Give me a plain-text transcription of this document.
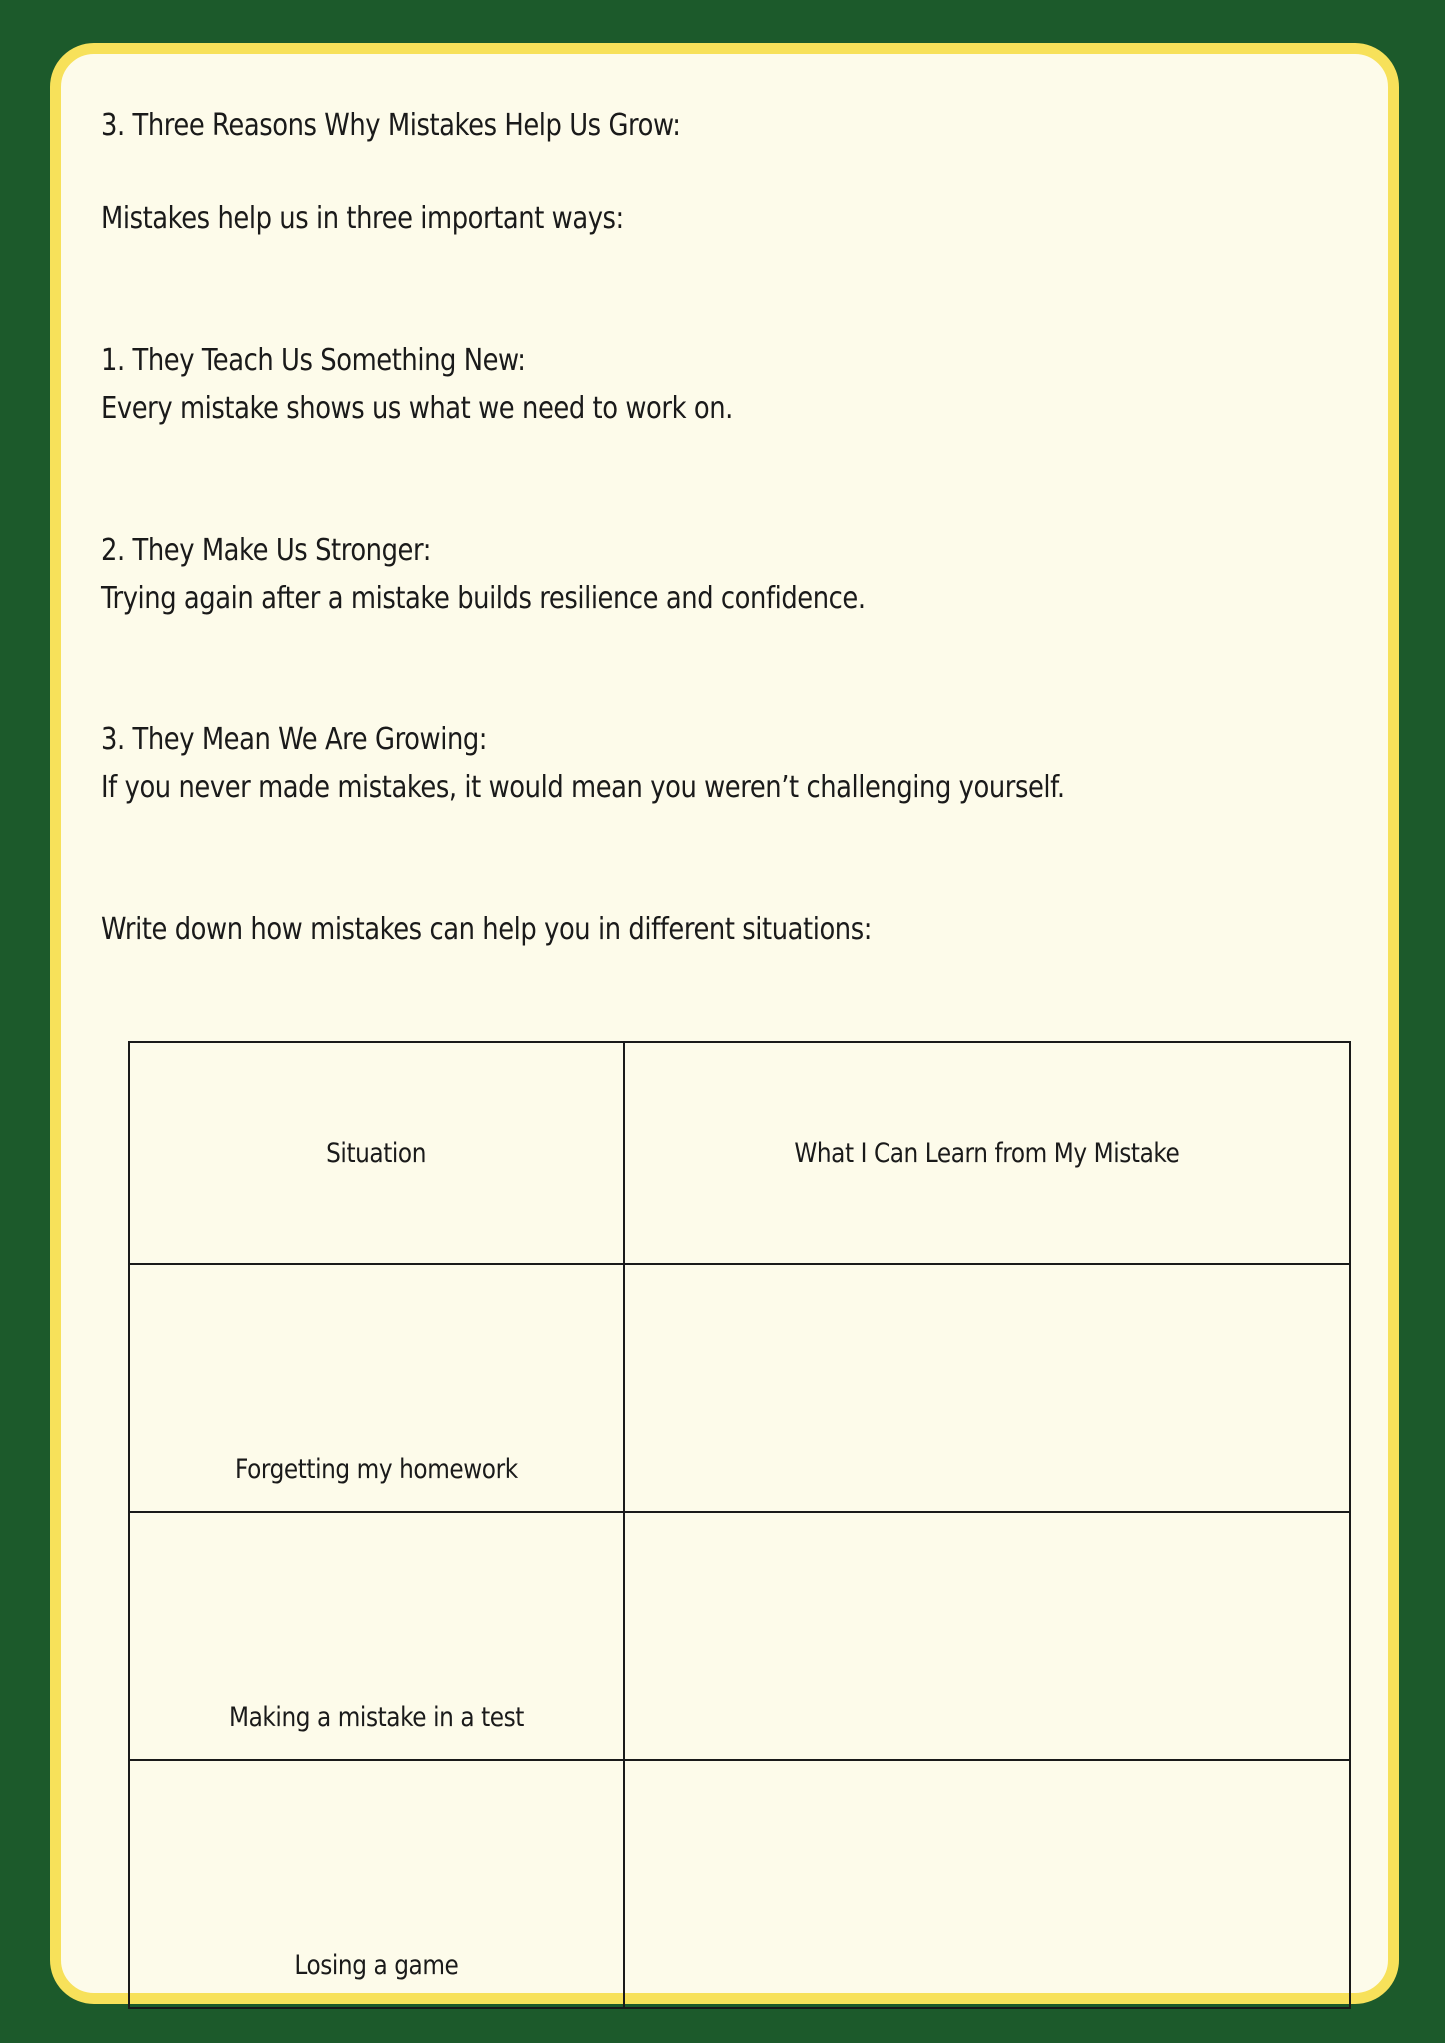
3. Three Reasons Why Mistakes Help Us Grow:

Mistakes help us in three important ways:

1. They Teach Us Something New:

Every mistake shows us what we need to work on.

2. They Make Us Stronger:

Trying again after a mistake builds resilience and confidence.

3. They Mean We Are Growing:

If you never made mistakes, it would mean you weren’t challenging yourself.

Write down how mistakes can help you in different situations:

Situation	What I Can Learn from My Mistake
Forgetting my homework	
Making a mistake in a test	
Losing a game	
